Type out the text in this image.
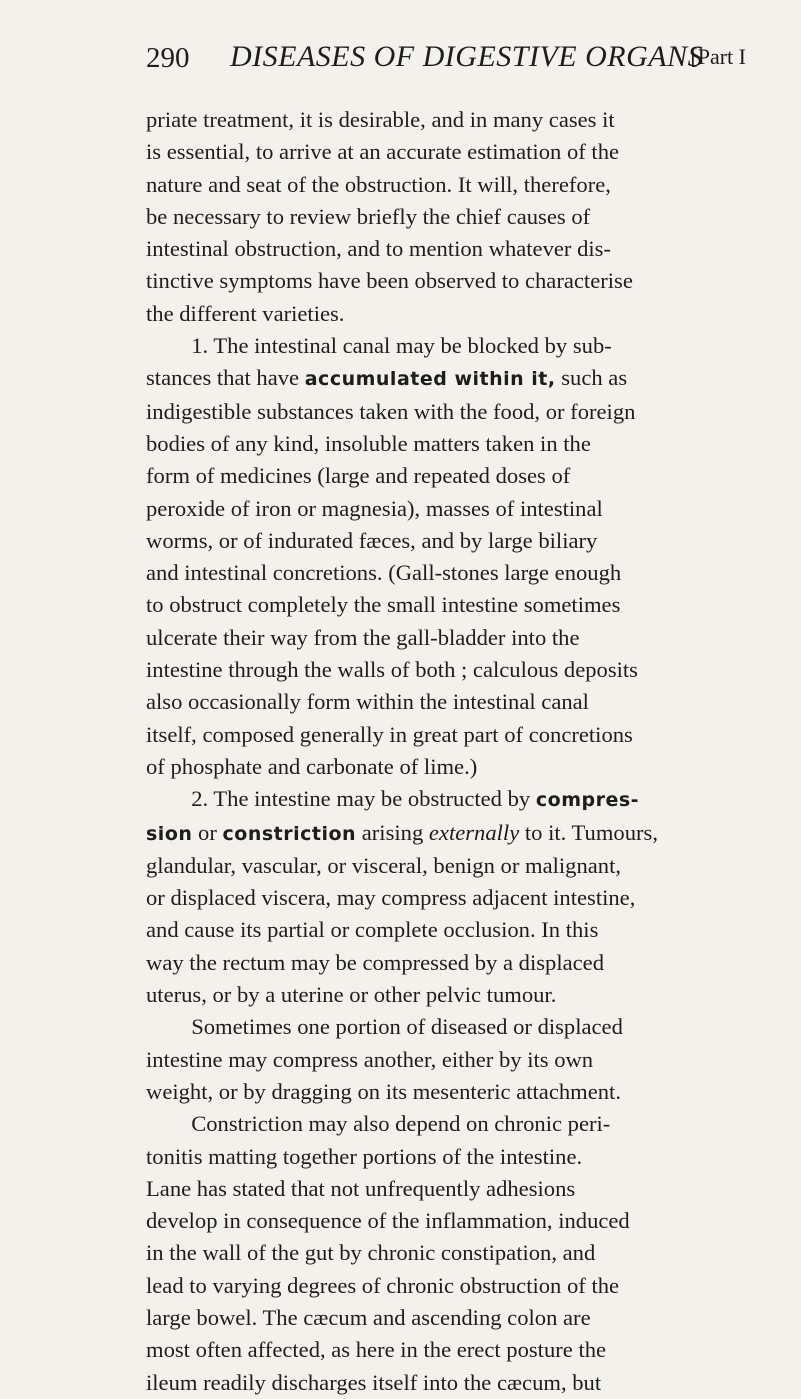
290 DISEASES OF DIGESTIVE ORGANS
[Part I
priate treatment, it is desirable, and in many cases it
is essential, to arrive at an accurate estimation of the
nature and seat of the obstruction. It will, therefore,
be necessary to review briefly the chief causes of
intestinal obstruction, and to mention whatever dis-
tinctive symptoms have been observed to characterise
the different varieties.
  1. The intestinal canal may be blocked by sub-
stances that have accumulated within it, such as
indigestible substances taken with the food, or foreign
bodies of any kind, insoluble matters taken in the
form of medicines (large and repeated doses of
peroxide of iron or magnesia), masses of intestinal
worms, or of indurated fæces, and by large biliary
and intestinal concretions. (Gall-stones large enough
to obstruct completely the small intestine sometimes
ulcerate their way from the gall-bladder into the
intestine through the walls of both ; calculous deposits
also occasionally form within the intestinal canal
itself, composed generally in great part of concretions
of phosphate and carbonate of lime.)
  2. The intestine may be obstructed by compres-
sion or constriction arising externally to it. Tumours,
glandular, vascular, or visceral, benign or malignant,
or displaced viscera, may compress adjacent intestine,
and cause its partial or complete occlusion. In this
way the rectum may be compressed by a displaced
uterus, or by a uterine or other pelvic tumour.
  Sometimes one portion of diseased or displaced
intestine may compress another, either by its own
weight, or by dragging on its mesenteric attachment.
  Constriction may also depend on chronic peri-
tonitis matting together portions of the intestine.
Lane has stated that not unfrequently adhesions
develop in consequence of the inflammation, induced
in the wall of the gut by chronic constipation, and
lead to varying degrees of chronic obstruction of the
large bowel. The cæcum and ascending colon are
most often affected, as here in the erect posture the
ileum readily discharges itself into the cæcum, but
